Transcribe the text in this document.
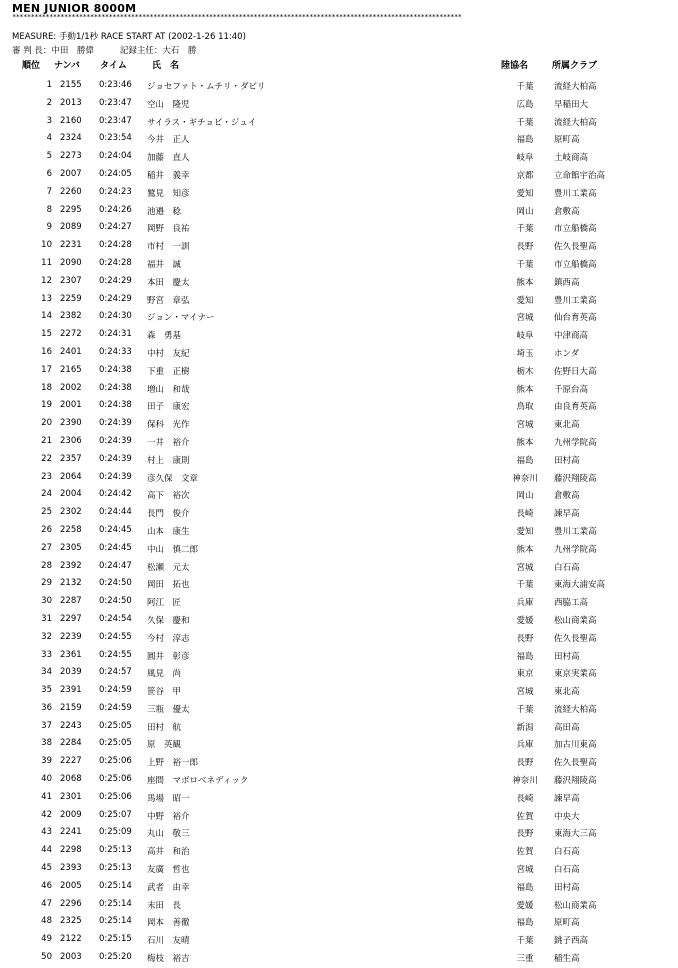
MEN JUNIOR 8000M
*************************************************************************************************************************
MEASURE: 手動1/1秒 RACE START AT (2002-1-26 11:40)
審 判 長：中田　勝偉	記録主任：大石　勝
順位 ナンバ タイム	氏　名	陸協名	所属クラブ
1 2155 0:23:46 ジョセファト・ムチリ・ダビリ	千葉	流経大柏高
2 2013 0:23:47 空山　隆児	広島	早稲田大
3 2160 0:23:47 サイラス・ギチョビ・ジュイ	千葉	流経大柏高
4 2324 0:23:54 今井　正人	福島	原町高
5 2273 0:24:04 加藤　直人	岐阜	土岐商高
6 2007 0:24:05 稲井　義幸	京都	立命館宇治高
7 2260 0:24:23 鷲見　知彦	愛知	豊川工業高
8 2295 0:24:26 池邉　稔	岡山	倉敷高
9 2089 0:24:27 岡野　良祐	千葉	市立船橋高
10 2231 0:24:28 市村　一訓	長野	佐久長聖高
11 2090 0:24:28 福井　誠	千葉	市立船橋高
12 2307 0:24:29 本田　慶太	熊本	鎮西高
13 2259 0:24:29 野宮　章弘	愛知	豊川工業高
14 2382 0:24:30 ジョン・マイナー	宮城	仙台育英高
15 2272 0:24:31 森　勇基	岐阜	中津商高
16 2401 0:24:33 中村　友紀	埼玉	ホンダ
17 2165 0:24:38 下重　正樹	栃木	佐野日大高
18 2002 0:24:38 増山　和哉	熊本	千原台高
19 2001 0:24:38 田子　康宏	鳥取	由良育英高
20 2390 0:24:39 保科　光作	宮城	東北高
21 2306 0:24:39 一井　裕介	熊本	九州学院高
22 2357 0:24:39 村上　康則	福島	田村高
23 2064 0:24:39 彦久保　文章	神奈川	藤沢翔陵高
24 2004 0:24:42 高下　裕次	岡山	倉敷高
25 2302 0:24:44 長門　俊介	長崎	諫早高
26 2258 0:24:45 山本　康生	愛知	豊川工業高
27 2305 0:24:45 中山　慎二郎	熊本	九州学院高
28 2392 0:24:47 松瀬　元太	宮城	白石高
29 2132 0:24:50 岡田　拓也	千葉	東海大浦安高
30 2287 0:24:50 阿江　匠	兵庫	西脇工高
31 2297 0:24:54 久保　慶和	愛媛	松山商業高
32 2239 0:24:55 今村　淳志	長野	佐久長聖高
33 2361 0:24:55 圓井　彰彦	福島	田村高
34 2039 0:24:57 風見　尚	東京	東京実業高
35 2391 0:24:59 笹谷　甲	宮城	東北高
36 2159 0:24:59 三瓶　優太	千葉	流経大柏高
37 2243 0:25:05 田村　航	新潟	高田高
38 2284 0:25:05 原　英観	兵庫	加古川東高
39 2227 0:25:06 上野　裕一郎	長野	佐久長聖高
40 2068 0:25:06 座間　マボロベネディック	神奈川	藤沢翔陵高
41 2301 0:25:06 馬場　昭一	長崎	諫早高
42 2009 0:25:07 中野　裕介	佐賀	中央大
43 2241 0:25:09 丸山　敬三	長野	東海大三高
44 2298 0:25:13 高井　和治	佐賀	白石高
45 2393 0:25:13 友廣　哲也	宮城	白石高
46 2005 0:25:14 武者　由幸	福島	田村高
47 2296 0:25:14 末田　長	愛媛	松山商業高
48 2325 0:25:14 岡本　善徹	福島	原町高
49 2122 0:25:15 石川　友晴	千葉	銚子西高
50 2003 0:25:20 梅枝　裕吉	三重	稲生高
